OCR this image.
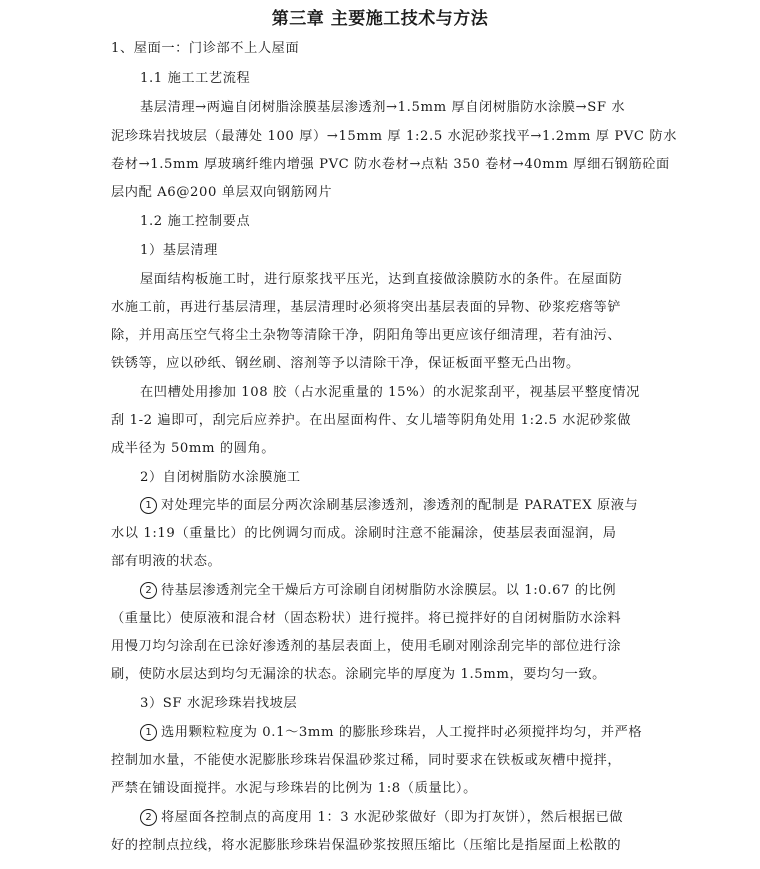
第三章 主要施工技术与方法
1、屋面一：门诊部不上人屋面
1.1 施工工艺流程
基层清理→两遍自闭树脂涂膜基层渗透剂→1.5mm 厚自闭树脂防水涂膜→SF 水
泥珍珠岩找坡层（最薄处 100 厚）→15mm 厚 1:2.5 水泥砂浆找平→1.2mm 厚 PVC 防水
卷材→1.5mm 厚玻璃纤维内增强 PVC 防水卷材→点粘 350 卷材→40mm 厚细石钢筋砼面
层内配 A6@200 单层双向钢筋网片
1.2 施工控制要点
1）基层清理
屋面结构板施工时，进行原浆找平压光，达到直接做涂膜防水的条件。在屋面防
水施工前，再进行基层清理，基层清理时必须将突出基层表面的异物、砂浆疙瘩等铲
除，并用高压空气将尘土杂物等清除干净，阴阳角等出更应该仔细清理，若有油污、
铁锈等，应以砂纸、钢丝刷、溶剂等予以清除干净，保证板面平整无凸出物。
在凹槽处用掺加 108 胶（占水泥重量的 15%）的水泥浆刮平，视基层平整度情况
刮 1-2 遍即可，刮完后应养护。在出屋面构件、女儿墙等阴角处用 1:2.5 水泥砂浆做
成半径为 50mm 的圆角。
2）自闭树脂防水涂膜施工
1 对处理完毕的面层分两次涂刷基层渗透剂，渗透剂的配制是 PARATEX 原液与
水以 1:19（重量比）的比例调匀而成。涂刷时注意不能漏涂，使基层表面湿润，局
部有明液的状态。
2 待基层渗透剂完全干燥后方可涂刷自闭树脂防水涂膜层。以 1:0.67 的比例
（重量比）使原液和混合材（固态粉状）进行搅拌。将已搅拌好的自闭树脂防水涂料
用慢刀均匀涂刮在已涂好渗透剂的基层表面上，使用毛刷对刚涂刮完毕的部位进行涂
刷，使防水层达到均匀无漏涂的状态。涂刷完毕的厚度为 1.5mm，要均匀一致。
3）SF 水泥珍珠岩找坡层
1 选用颗粒粒度为 0.1～3mm 的膨胀珍珠岩，人工搅拌时必须搅拌均匀，并严格
控制加水量，不能使水泥膨胀珍珠岩保温砂浆过稀，同时要求在铁板或灰槽中搅拌，
严禁在铺设面搅拌。水泥与珍珠岩的比例为 1:8（质量比）。
2 将屋面各控制点的高度用 1：3 水泥砂浆做好（即为打灰饼），然后根据已做
好的控制点拉线，将水泥膨胀珍珠岩保温砂浆按照压缩比（压缩比是指屋面上松散的
